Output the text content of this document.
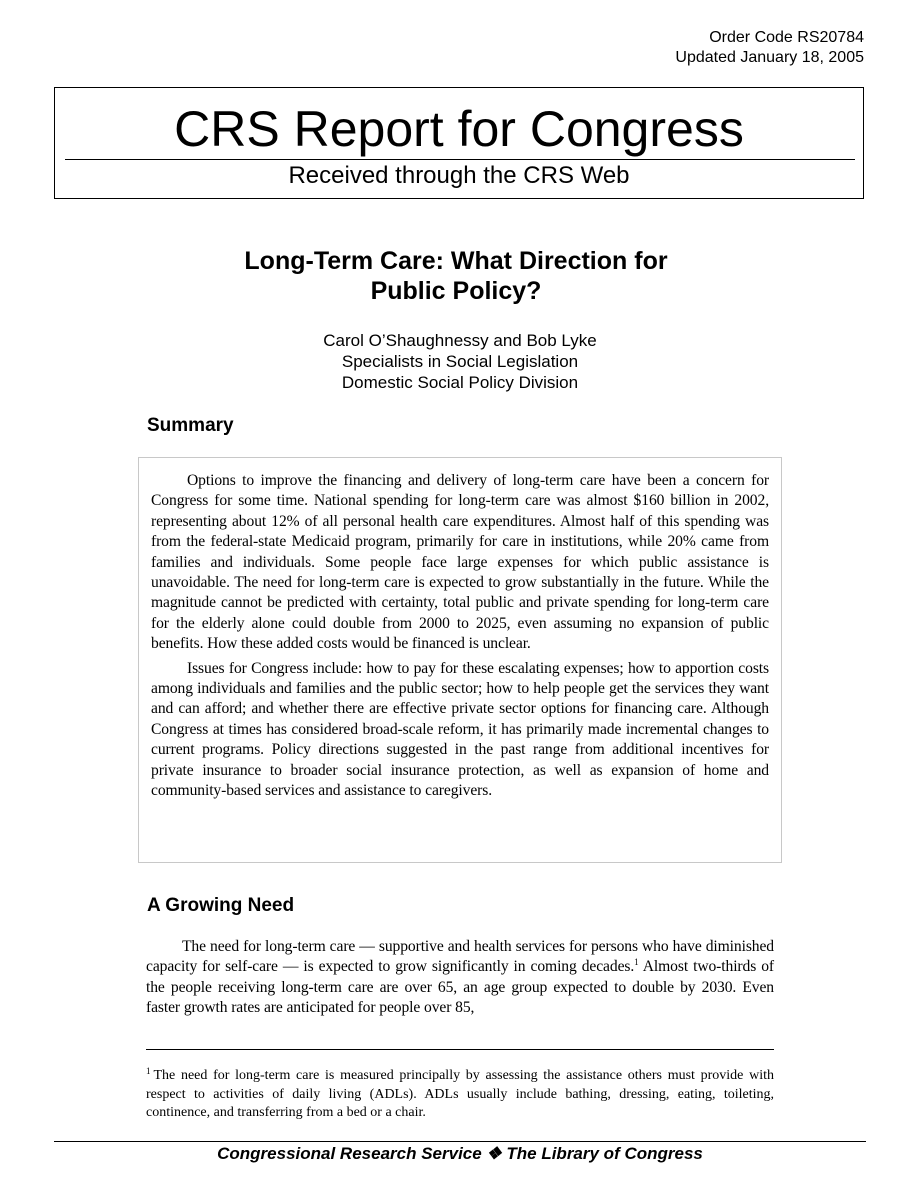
Order Code RS20784
Updated January 18, 2005
CRS Report for Congress
Received through the CRS Web
Long-Term Care: What Direction for
Public Policy?
Carol O’Shaughnessy and Bob Lyke
Specialists in Social Legislation
Domestic Social Policy Division
Summary

Options to improve the financing and delivery of long-term care have been a concern for Congress for some time. National spending for long-term care was almost $160 billion in 2002, representing about 12% of all personal health care expenditures. Almost half of this spending was from the federal-state Medicaid program, primarily for care in institutions, while 20% came from families and individuals. Some people face large expenses for which public assistance is unavoidable. The need for long-term care is expected to grow substantially in the future. While the magnitude cannot be predicted with certainty, total public and private spending for long-term care for the elderly alone could double from 2000 to 2025, even assuming no expansion of public benefits. How these added costs would be financed is unclear.

Issues for Congress include: how to pay for these escalating expenses; how to apportion costs among individuals and families and the public sector; how to help people get the services they want and can afford; and whether there are effective private sector options for financing care. Although Congress at times has considered broad-scale reform, it has primarily made incremental changes to current programs. Policy directions suggested in the past range from additional incentives for private insurance to broader social insurance protection, as well as expansion of home and community-based services and assistance to caregivers.

A Growing Need

The need for long-term care — supportive and health services for persons who have diminished capacity for self-care — is expected to grow significantly in coming decades.$^1$ Almost two-thirds of the people receiving long-term care are over 65, an age group expected to double by 2030. Even faster growth rates are anticipated for people over 85,

$^1$ The need for long-term care is measured principally by assessing the assistance others must provide with respect to activities of daily living (ADLs). ADLs usually include bathing, dressing, eating, toileting, continence, and transferring from a bed or a chair.
Congressional Research Service ❖ The Library of Congress
